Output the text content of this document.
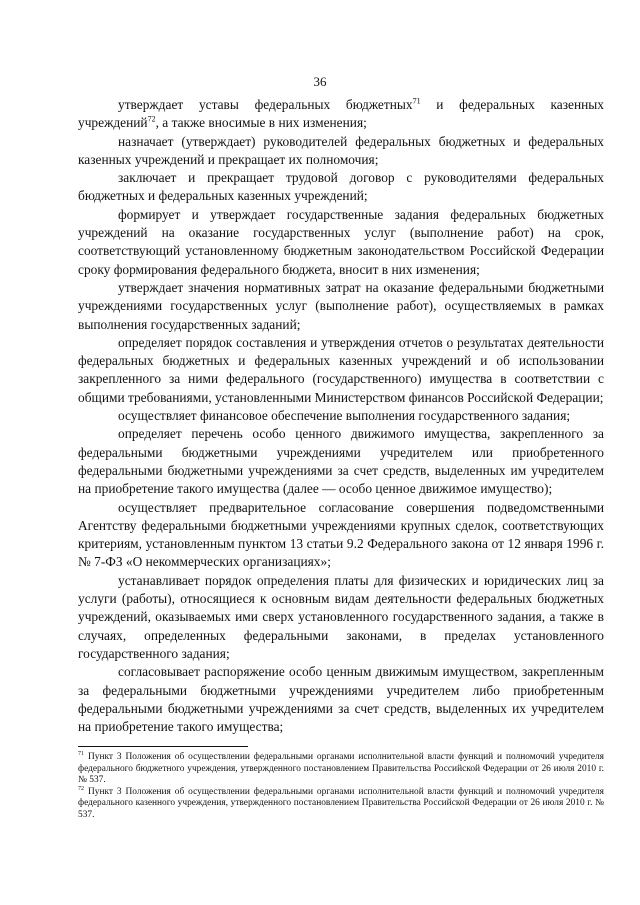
36

утверждает уставы федеральных бюджетных$^{71}$ и федеральных казенных учреждений$^{72}$, а также вносимые в них изменения;

назначает (утверждает) руководителей федеральных бюджетных и федеральных казенных учреждений и прекращает их полномочия;

заключает и прекращает трудовой договор с руководителями федеральных бюджетных и федеральных казенных учреждений;

формирует и утверждает государственные задания федеральных бюджетных учреждений на оказание государственных услуг (выполнение работ) на срок, соответствующий установленному бюджетным законодательством Российской Федерации сроку формирования федерального бюджета, вносит в них изменения;

утверждает значения нормативных затрат на оказание федеральными бюджетными учреждениями государственных услуг (выполнение работ), осуществляемых в рамках выполнения государственных заданий;

определяет порядок составления и утверждения отчетов о результатах деятельности федеральных бюджетных и федеральных казенных учреждений и об использовании закрепленного за ними федерального (государственного) имущества в соответствии с общими требованиями, установленными Министерством финансов Российской Федерации;

осуществляет финансовое обеспечение выполнения государственного задания;

определяет перечень особо ценного движимого имущества, закрепленного за федеральными бюджетными учреждениями учредителем или приобретенного федеральными бюджетными учреждениями за счет средств, выделенных им учредителем на приобретение такого имущества (далее — особо ценное движимое имущество);

осуществляет предварительное согласование совершения подведомственными Агентству федеральными бюджетными учреждениями крупных сделок, соответствующих критериям, установленным пунктом 13 статьи 9.2 Федерального закона от 12 января 1996 г. № 7-ФЗ «О некоммерческих организациях»;

устанавливает порядок определения платы для физических и юридических лиц за услуги (работы), относящиеся к основным видам деятельности федеральных бюджетных учреждений, оказываемых ими сверх установленного государственного задания, а также в случаях, определенных федеральными законами, в пределах установленного государственного задания;

согласовывает распоряжение особо ценным движимым имуществом, закрепленным за федеральными бюджетными учреждениями учредителем либо приобретенным федеральными бюджетными учреждениями за счет средств, выделенных их учредителем на приобретение такого имущества;

$^{71}$ Пункт 3 Положения об осуществлении федеральными органами исполнительной власти функций и полномочий учредителя федерального бюджетного учреждения, утвержденного постановлением Правительства Российской Федерации от 26 июля 2010 г. № 537.

$^{72}$ Пункт 3 Положения об осуществлении федеральными органами исполнительной власти функций и полномочий учредителя федерального казенного учреждения, утвержденного постановлением Правительства Российской Федерации от 26 июля 2010 г. № 537.
